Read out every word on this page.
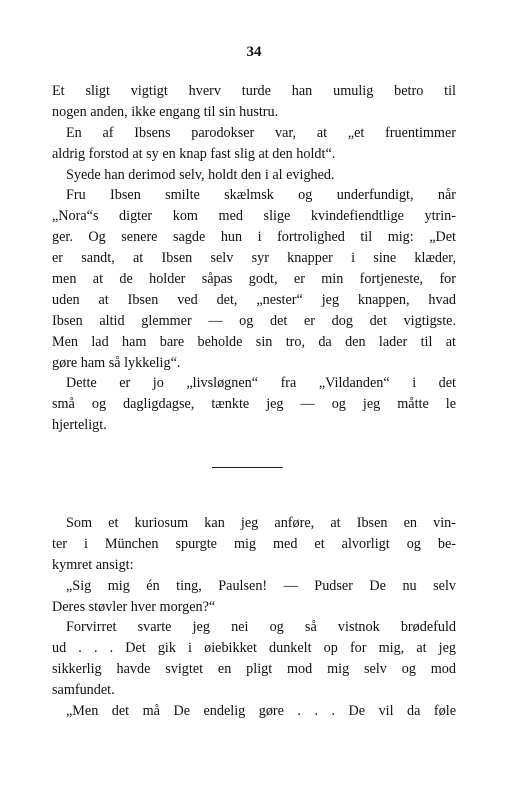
34
Et sligt vigtigt hverv turde han umulig betro til
nogen anden, ikke engang til sin hustru.
En af Ibsens parodokser var, at „et fruentimmer
aldrig forstod at sy en knap fast slig at den holdt“.
Syede han derimod selv, holdt den i al evighed.
Fru Ibsen smilte skælmsk og underfundigt, når
„Nora“s digter kom med slige kvindefiendtlige ytrin-
ger. Og senere sagde hun i fortrolighed til mig: „Det
er sandt, at Ibsen selv syr knapper i sine klæder,
men at de holder såpas godt, er min fortjeneste, for
uden at Ibsen ved det, „nester“ jeg knappen, hvad
Ibsen altid glemmer — og det er dog det vigtigste.
Men lad ham bare beholde sin tro, da den lader til at
gøre ham så lykkelig“.
Dette er jo „livsløgnen“ fra „Vildanden“ i det
små og dagligdagse, tænkte jeg — og jeg måtte le
hjerteligt.
Som et kuriosum kan jeg anføre, at Ibsen en vin-
ter i München spurgte mig med et alvorligt og be-
kymret ansigt:
„Sig mig én ting, Paulsen! — Pudser De nu selv
Deres støvler hver morgen?“
Forvirret svarte jeg nei og så vistnok brødefuld
ud . . . Det gik i øiebikket dunkelt op for mig, at jeg
sikkerlig havde svigtet en pligt mod mig selv og mod
samfundet.
„Men det må De endelig gøre . . . De vil da føle
